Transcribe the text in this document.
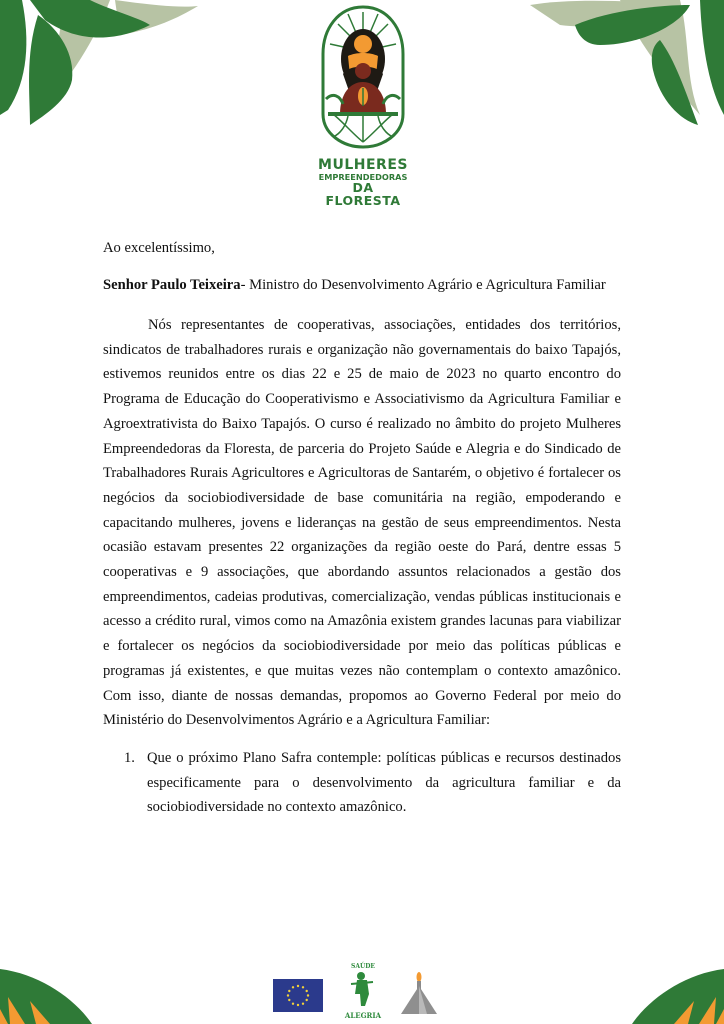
MULHERES
EMPREENDEDORAS
DA FLORESTA
Ao excelentíssimo,
Senhor Paulo Teixeira- Ministro do Desenvolvimento Agrário e Agricultura Familiar

Nós representantes de cooperativas, associações, entidades dos territórios, sindicatos de trabalhadores rurais e organização não governamentais do baixo Tapajós, estivemos reunidos entre os dias 22 e 25 de maio de 2023 no quarto encontro do Programa de Educação do Cooperativismo e Associativismo da Agricultura Familiar e Agroextrativista do Baixo Tapajós. O curso é realizado no âmbito do projeto Mulheres Empreendedoras da Floresta, de parceria do Projeto Saúde e Alegria e do Sindicado de Trabalhadores Rurais Agricultores e Agricultoras de Santarém, o objetivo é fortalecer os negócios da sociobiodiversidade de base comunitária na região, empoderando e capacitando mulheres, jovens e lideranças na gestão de seus empreendimentos. Nesta ocasião estavam presentes 22 organizações da região oeste do Pará, dentre essas 5 cooperativas e 9 associações, que abordando assuntos relacionados a gestão dos empreendimentos, cadeias produtivas, comercialização, vendas públicas institucionais e acesso a crédito rural, vimos como na Amazônia existem grandes lacunas para viabilizar e fortalecer os negócios da sociobiodiversidade por meio das políticas públicas e programas já existentes, e que muitas vezes não contemplam o contexto amazônico. Com isso, diante de nossas demandas, propomos ao Governo Federal por meio do Ministério do Desenvolvimentos Agrário e a Agricultura Familiar:

1. Que o próximo Plano Safra contemple: políticas públicas e recursos destinados especificamente para o desenvolvimento da agricultura familiar e da sociobiodiversidade no contexto amazônico.
SAÚDE
ALEGRIA
